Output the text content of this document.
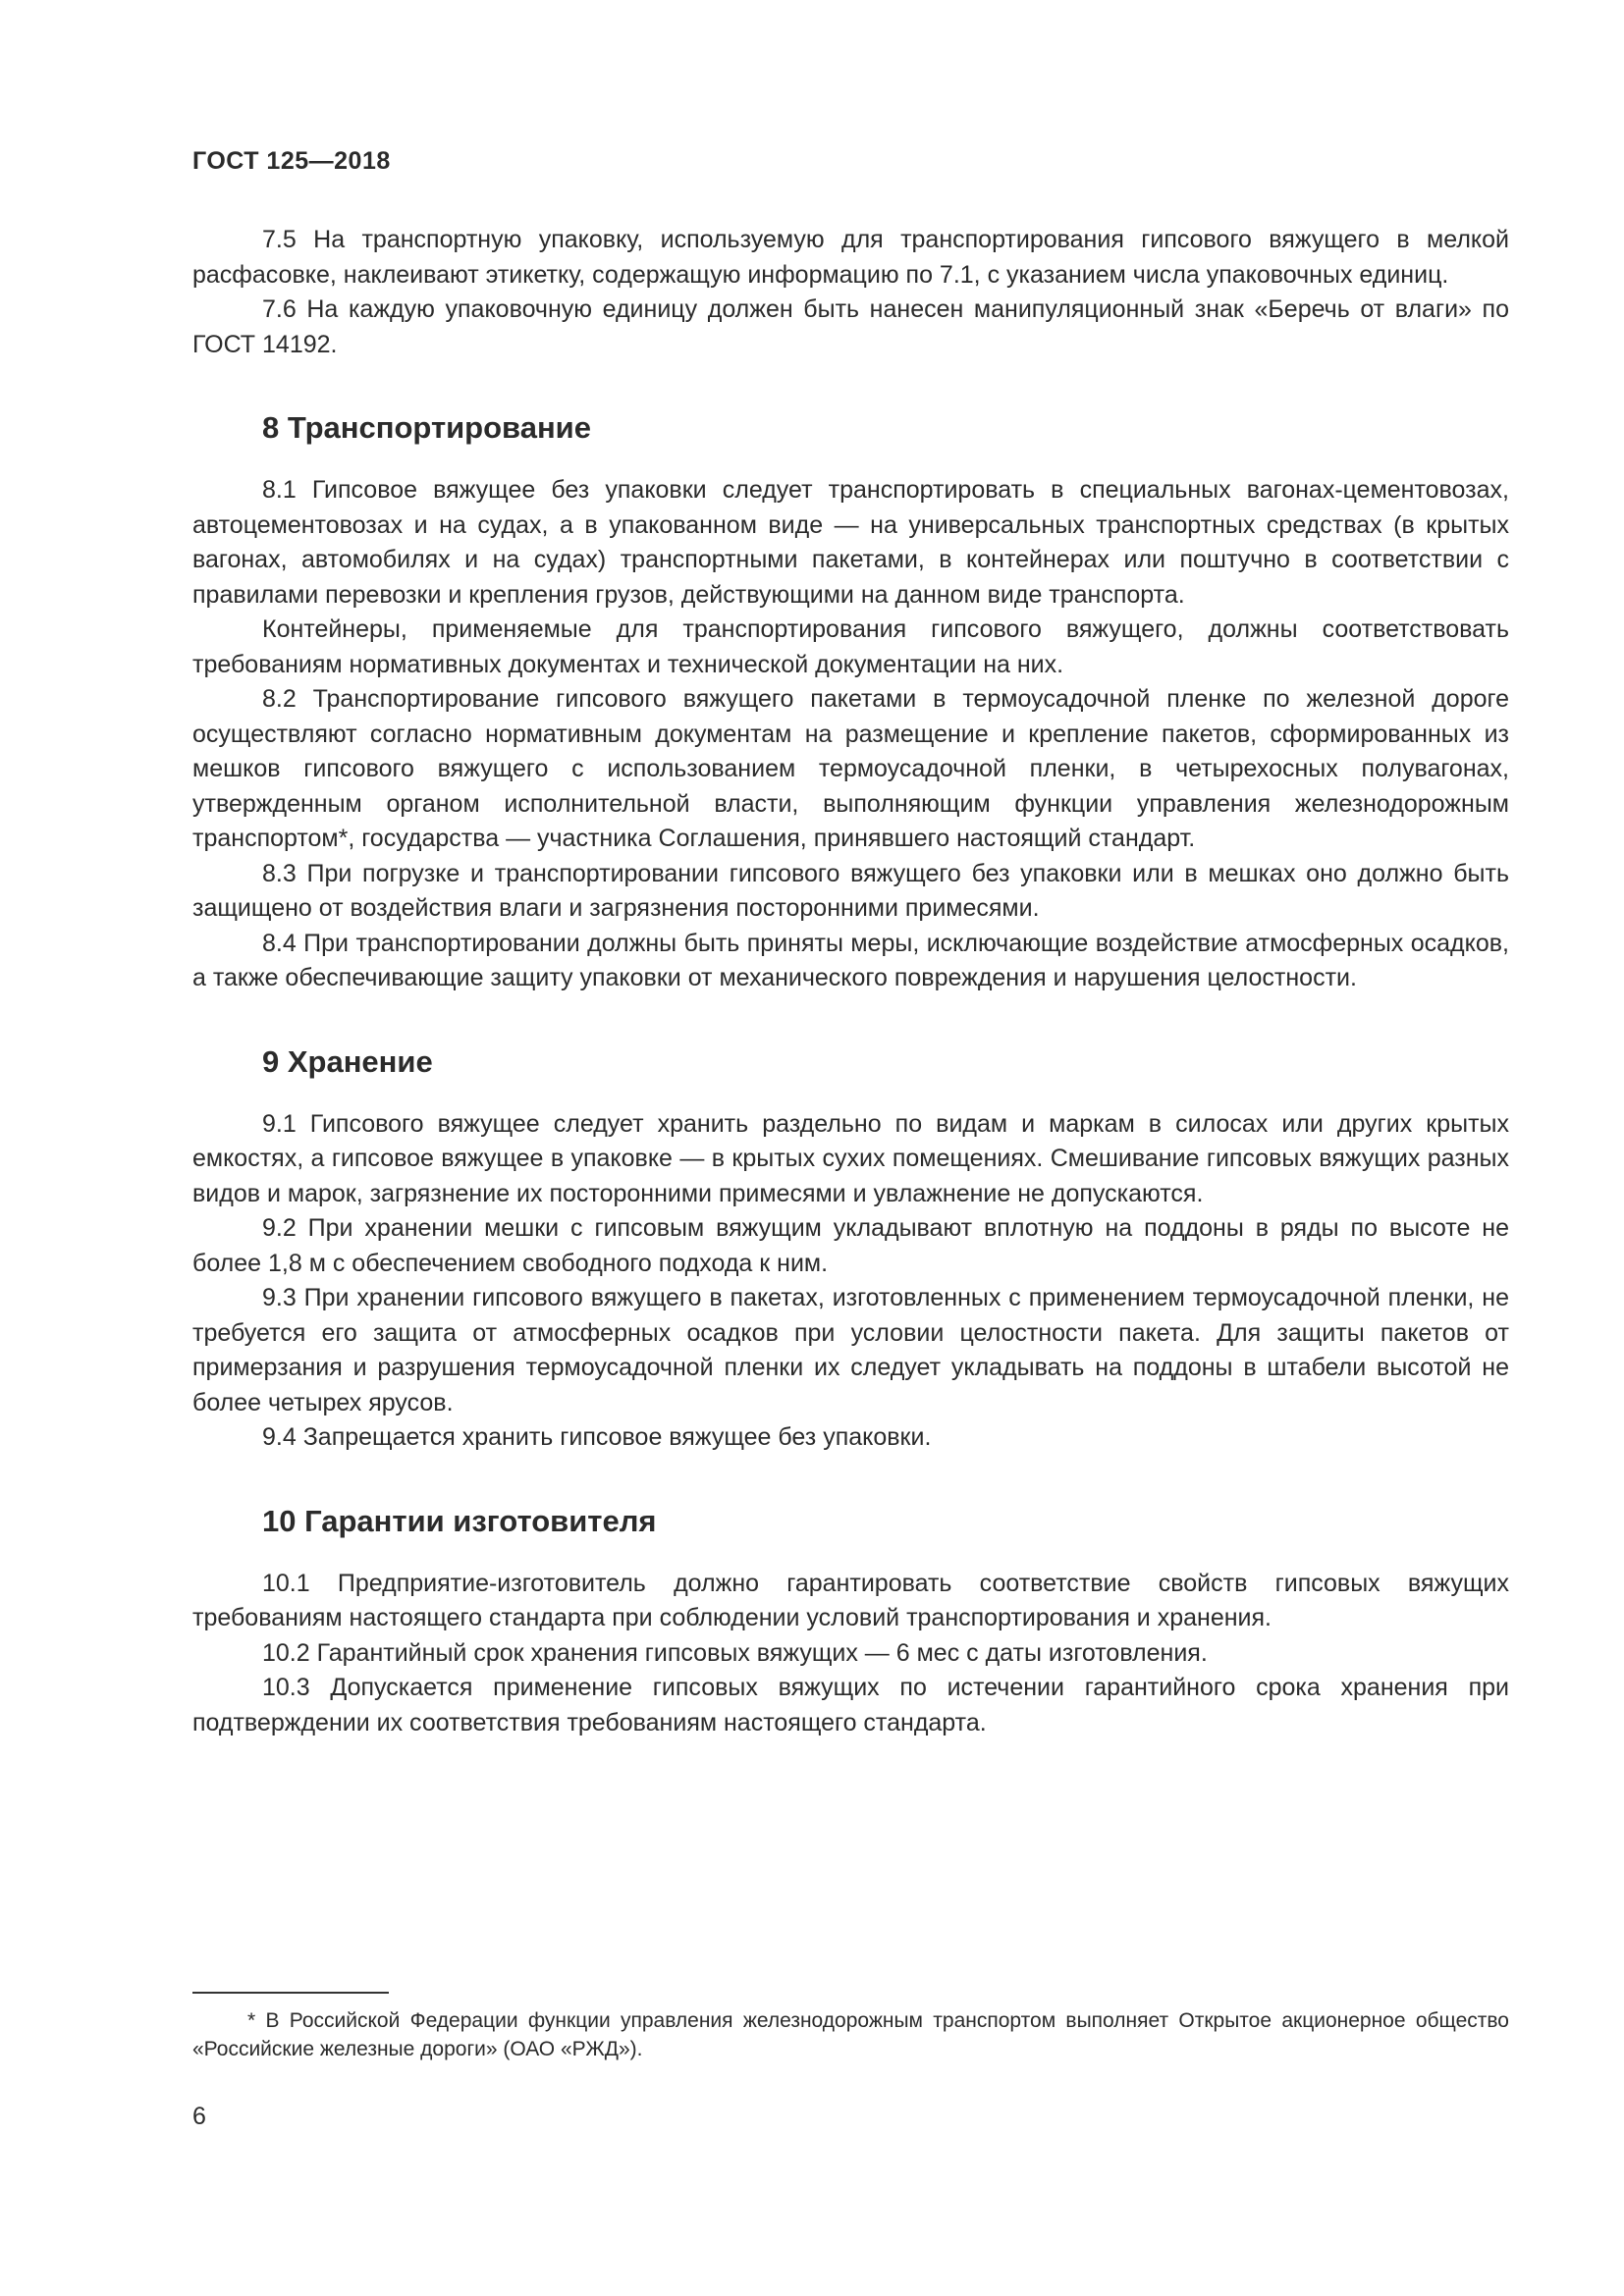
ГОСТ 125—2018

7.5 На транспортную упаковку, используемую для транспортирования гипсового вяжущего в мелкой расфасовке, наклеивают этикетку, содержащую информацию по 7.1, с указанием числа упаковочных единиц.

7.6 На каждую упаковочную единицу должен быть нанесен манипуляционный знак «Беречь от влаги» по ГОСТ 14192.

8 Транспортирование

8.1 Гипсовое вяжущее без упаковки следует транспортировать в специальных вагонах-цементовозах, автоцементовозах и на судах, а в упакованном виде — на универсальных транспортных средствах (в крытых вагонах, автомобилях и на судах) транспортными пакетами, в контейнерах или поштучно в соответствии с правилами перевозки и крепления грузов, действующими на данном виде транспорта.

Контейнеры, применяемые для транспортирования гипсового вяжущего, должны соответствовать требованиям нормативных документах и технической документации на них.

8.2 Транспортирование гипсового вяжущего пакетами в термоусадочной пленке по железной дороге осуществляют согласно нормативным документам на размещение и крепление пакетов, сформированных из мешков гипсового вяжущего с использованием термоусадочной пленки, в четырехосных полувагонах, утвержденным органом исполнительной власти, выполняющим функции управления железнодорожным транспортом*, государства — участника Соглашения, принявшего настоящий стандарт.

8.3 При погрузке и транспортировании гипсового вяжущего без упаковки или в мешках оно должно быть защищено от воздействия влаги и загрязнения посторонними примесями.

8.4 При транспортировании должны быть приняты меры, исключающие воздействие атмосферных осадков, а также обеспечивающие защиту упаковки от механического повреждения и нарушения целостности.

9 Хранение

9.1 Гипсового вяжущее следует хранить раздельно по видам и маркам в силосах или других крытых емкостях, а гипсовое вяжущее в упаковке — в крытых сухих помещениях. Смешивание гипсовых вяжущих разных видов и марок, загрязнение их посторонними примесями и увлажнение не допускаются.

9.2 При хранении мешки с гипсовым вяжущим укладывают вплотную на поддоны в ряды по высоте не более 1,8 м с обеспечением свободного подхода к ним.

9.3 При хранении гипсового вяжущего в пакетах, изготовленных с применением термоусадочной пленки, не требуется его защита от атмосферных осадков при условии целостности пакета. Для защиты пакетов от примерзания и разрушения термоусадочной пленки их следует укладывать на поддоны в штабели высотой не более четырех ярусов.

9.4 Запрещается хранить гипсовое вяжущее без упаковки.

10 Гарантии изготовителя

10.1 Предприятие-изготовитель должно гарантировать соответствие свойств гипсовых вяжущих требованиям настоящего стандарта при соблюдении условий транспортирования и хранения.

10.2 Гарантийный срок хранения гипсовых вяжущих — 6 мес с даты изготовления.

10.3 Допускается применение гипсовых вяжущих по истечении гарантийного срока хранения при подтверждении их соответствия требованиям настоящего стандарта.

* В Российской Федерации функции управления железнодорожным транспортом выполняет Открытое акционерное общество «Российские железные дороги» (ОАО «РЖД»).

6
